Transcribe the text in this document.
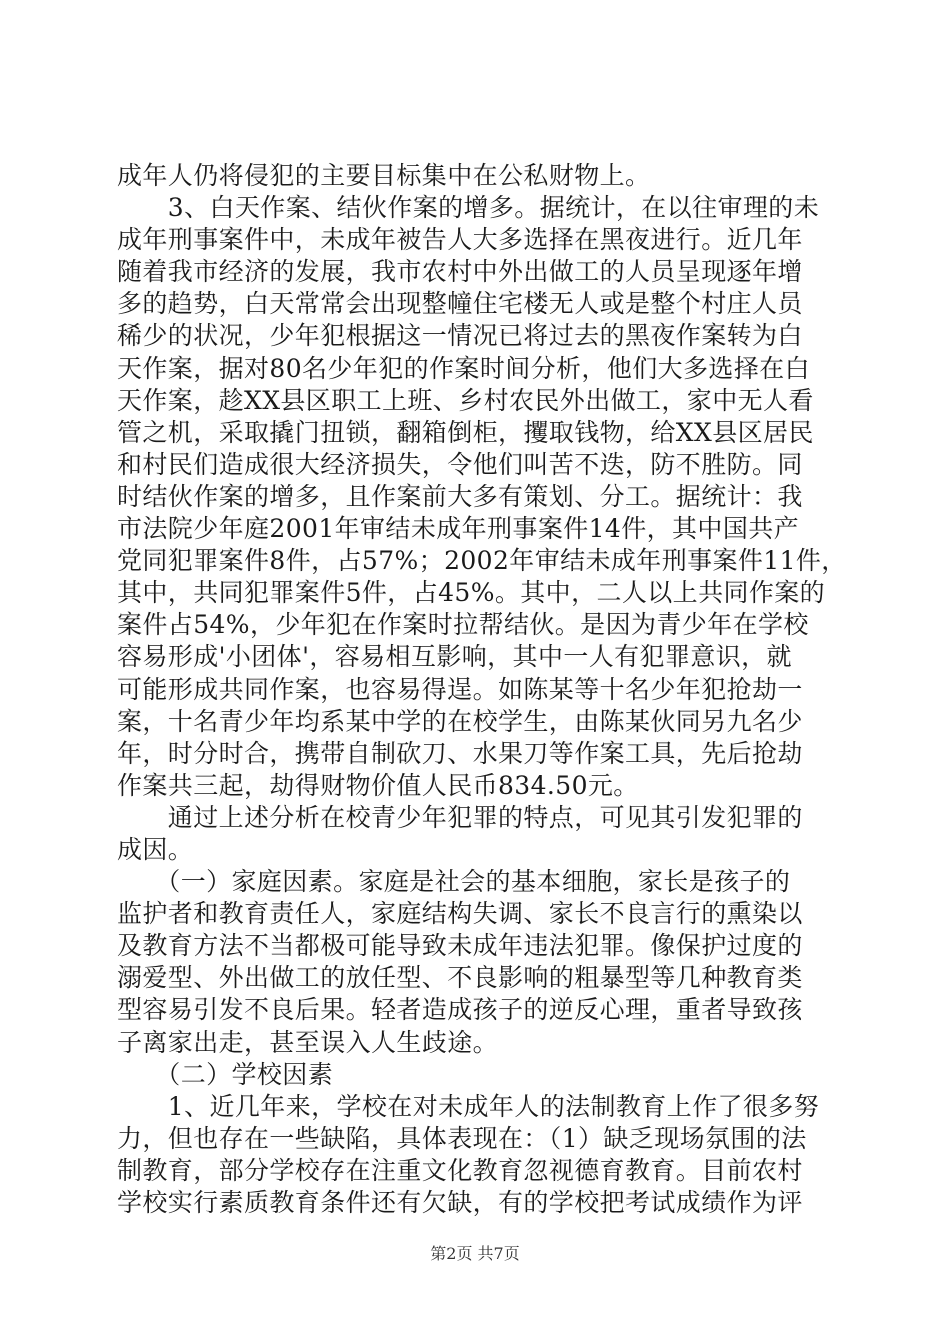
成年人仍将侵犯的主要目标集中在公私财物上。
　　3、白天作案、结伙作案的增多。据统计，在以往审理的未
成年刑事案件中，未成年被告人大多选择在黑夜进行。近几年
随着我市经济的发展，我市农村中外出做工的人员呈现逐年增
多的趋势，白天常常会出现整幢住宅楼无人或是整个村庄人员
稀少的状况，少年犯根据这一情况已将过去的黑夜作案转为白
天作案，据对80名少年犯的作案时间分析，他们大多选择在白
天作案，趁XX县区职工上班、乡村农民外出做工，家中无人看
管之机，采取撬门扭锁，翻箱倒柜，攫取钱物，给XX县区居民
和村民们造成很大经济损失，令他们叫苦不迭，防不胜防。同
时结伙作案的增多，且作案前大多有策划、分工。据统计：我
市法院少年庭2001年审结未成年刑事案件14件，其中国共产
党同犯罪案件8件，占57%；2002年审结未成年刑事案件11件，
其中，共同犯罪案件5件，占45%。其中，二人以上共同作案的
案件占54%，少年犯在作案时拉帮结伙。是因为青少年在学校
容易形成'小团体'，容易相互影响，其中一人有犯罪意识，就
可能形成共同作案，也容易得逞。如陈某等十名少年犯抢劫一
案，十名青少年均系某中学的在校学生，由陈某伙同另九名少
年，时分时合，携带自制砍刀、水果刀等作案工具，先后抢劫
作案共三起，劫得财物价值人民币834.50元。
　　通过上述分析在校青少年犯罪的特点，可见其引发犯罪的
成因。
　　（一）家庭因素。家庭是社会的基本细胞，家长是孩子的
监护者和教育责任人，家庭结构失调、家长不良言行的熏染以
及教育方法不当都极可能导致未成年违法犯罪。像保护过度的
溺爱型、外出做工的放任型、不良影响的粗暴型等几种教育类
型容易引发不良后果。轻者造成孩子的逆反心理，重者导致孩
子离家出走，甚至误入人生歧途。
　　（二）学校因素
　　1、近几年来，学校在对未成年人的法制教育上作了很多努
力，但也存在一些缺陷，具体表现在：（1）缺乏现场氛围的法
制教育，部分学校存在注重文化教育忽视德育教育。目前农村
学校实行素质教育条件还有欠缺，有的学校把考试成绩作为评
第2页 共7页
